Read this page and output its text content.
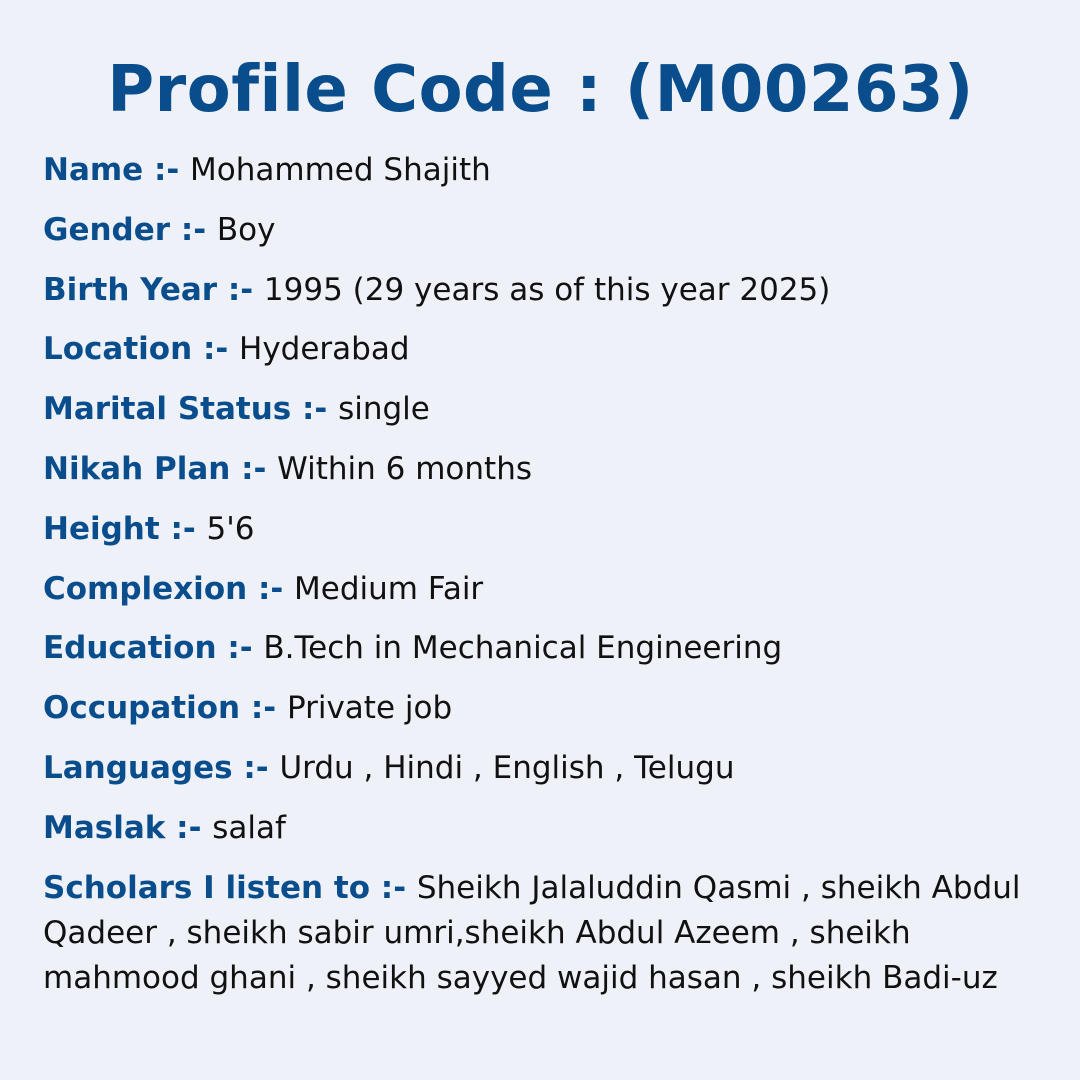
Profile Code : (M00263)
Name :- Mohammed Shajith
Gender :- Boy
Birth Year :- 1995 (29 years as of this year 2025)
Location :- Hyderabad
Marital Status :- single
Nikah Plan :- Within 6 months
Height :- 5'6
Complexion :- Medium Fair
Education :- B.Tech in Mechanical Engineering
Occupation :- Private job
Languages :- Urdu , Hindi , English , Telugu
Maslak :- salaf
Scholars I listen to :- Sheikh Jalaluddin Qasmi , sheikh Abdul Qadeer , sheikh sabir umri,sheikh Abdul Azeem , sheikh mahmood ghani , sheikh sayyed wajid hasan , sheikh Badi-uz
